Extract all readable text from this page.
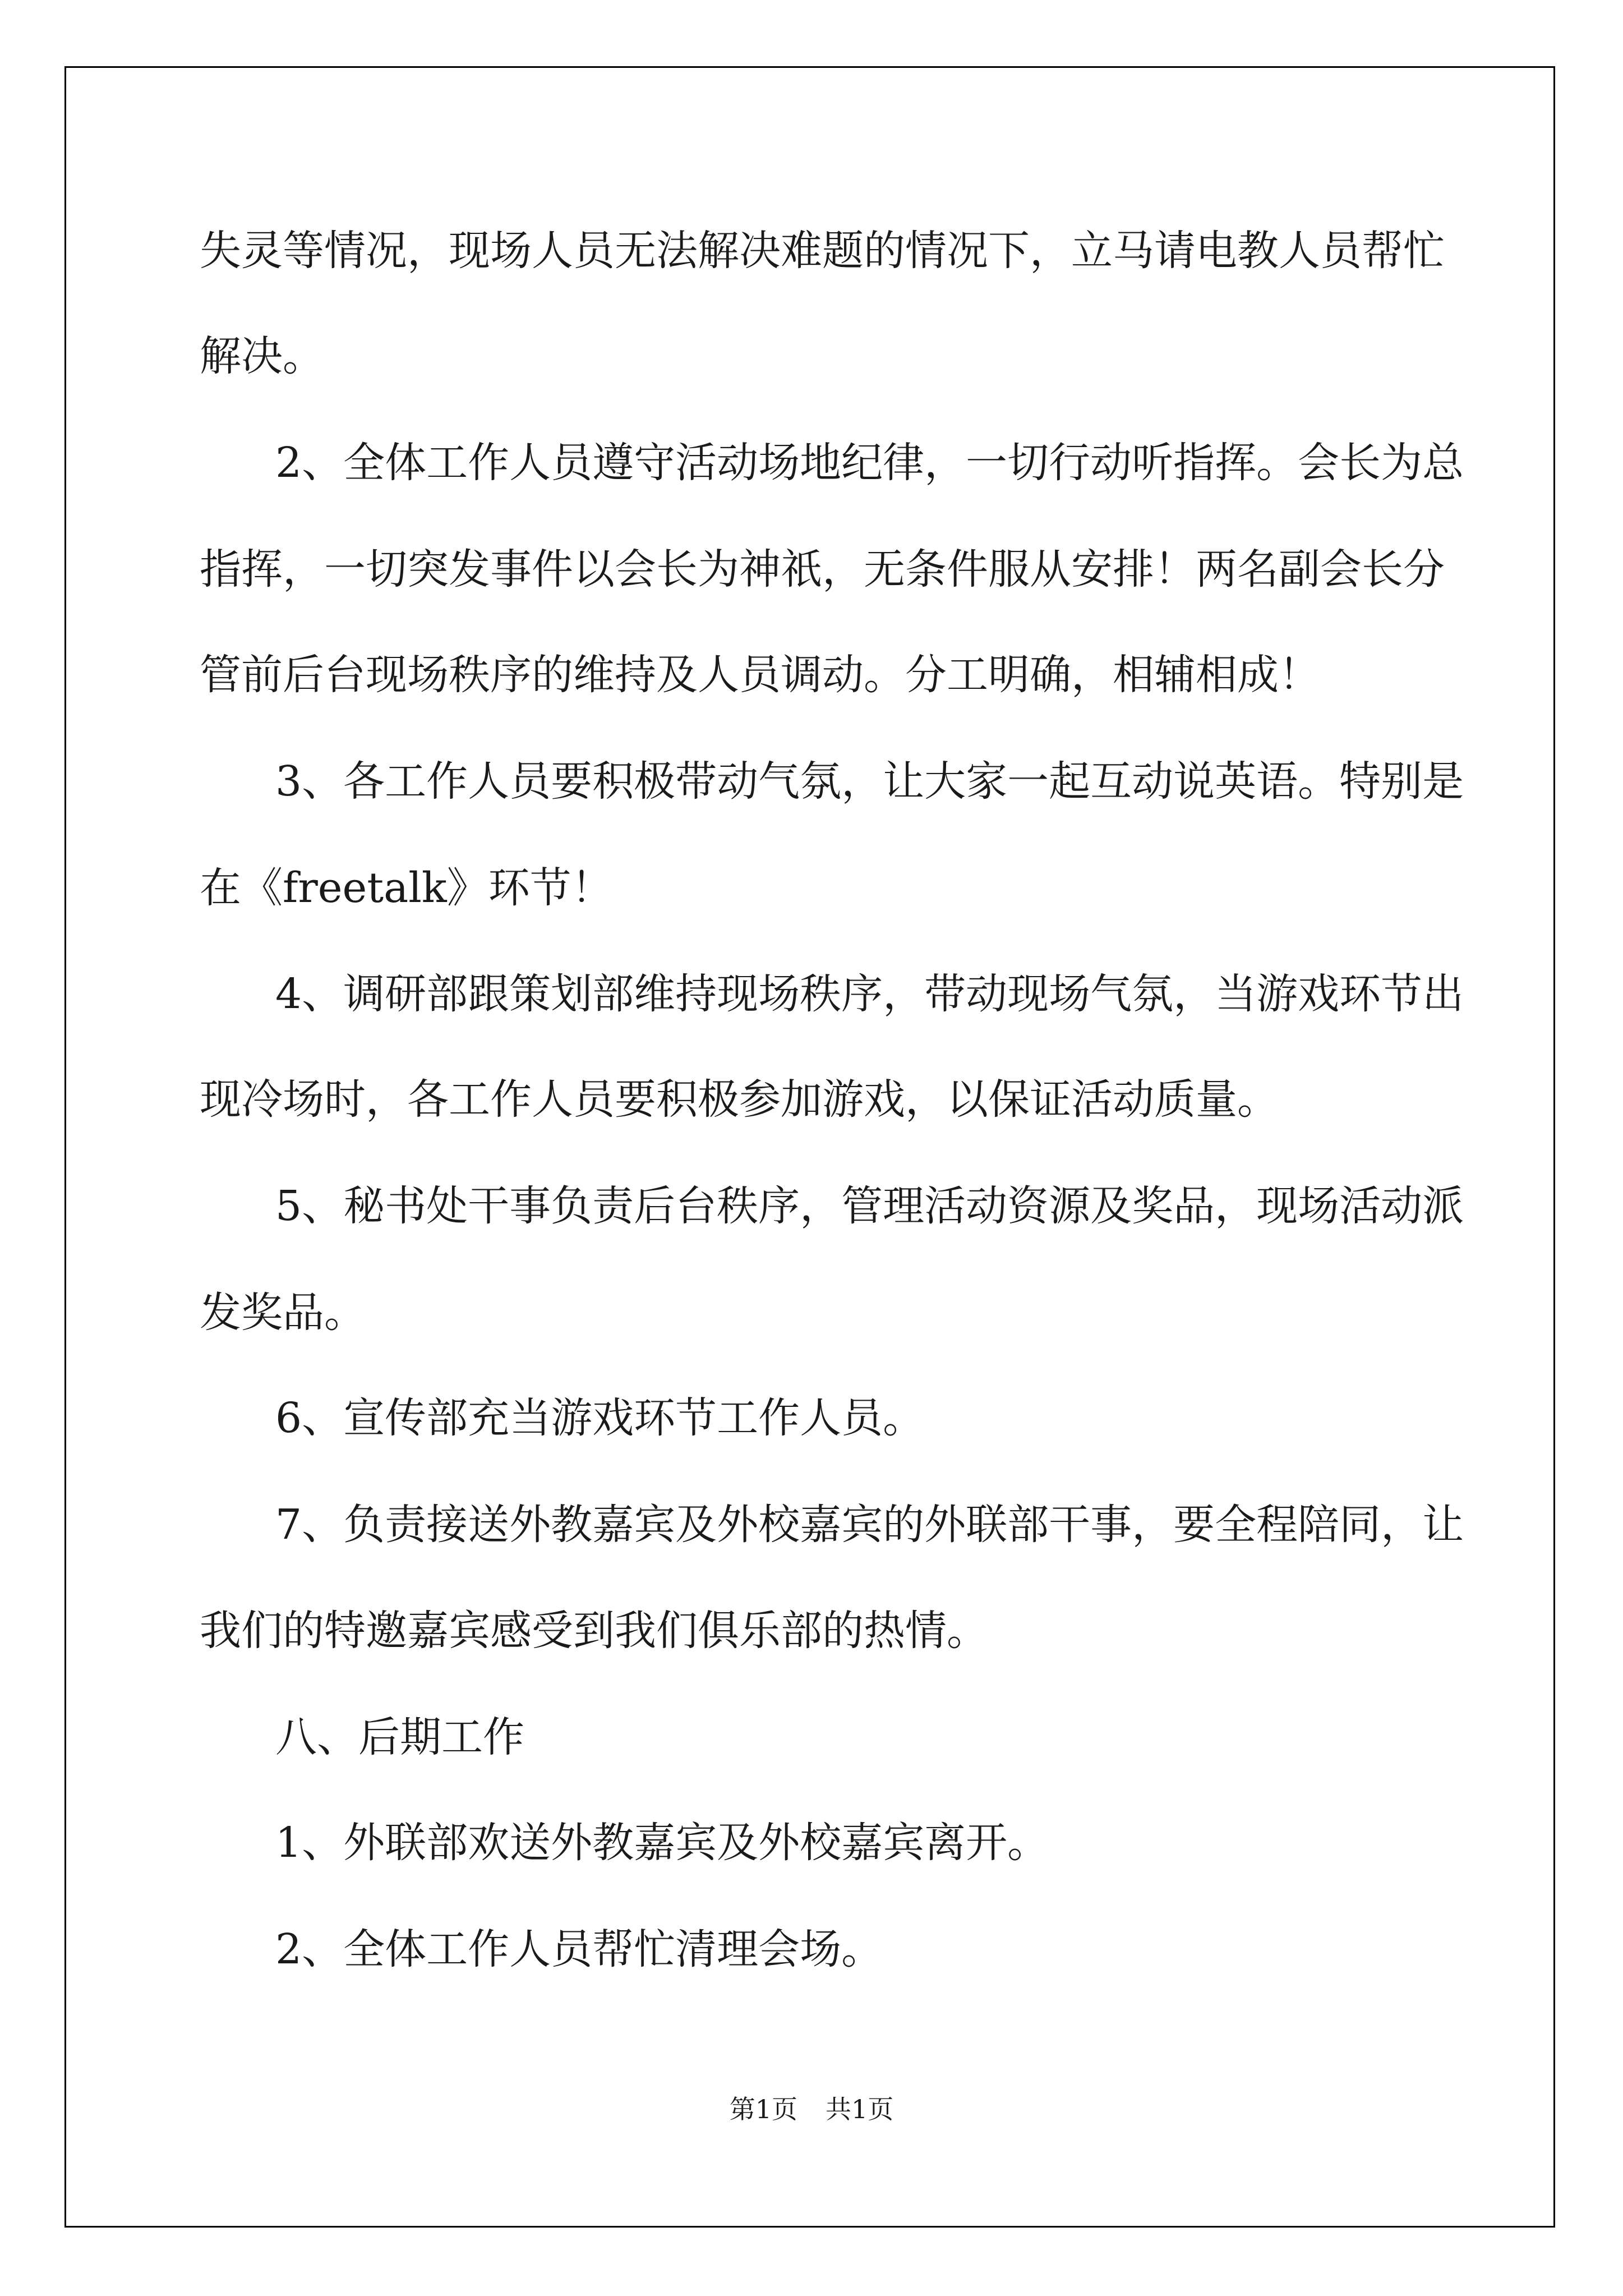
失灵等情况，现场人员无法解决难题的情况下，立马请电教人员帮忙
解决。
2、全体工作人员遵守活动场地纪律，一切行动听指挥。会长为总
指挥，一切突发事件以会长为神祇，无条件服从安排！两名副会长分
管前后台现场秩序的维持及人员调动。分工明确，相辅相成！
3、各工作人员要积极带动气氛，让大家一起互动说英语。特别是
在《freetalk》环节！
4、调研部跟策划部维持现场秩序，带动现场气氛，当游戏环节出
现冷场时，各工作人员要积极参加游戏，以保证活动质量。
5、秘书处干事负责后台秩序，管理活动资源及奖品，现场活动派
发奖品。
6、宣传部充当游戏环节工作人员。
7、负责接送外教嘉宾及外校嘉宾的外联部干事，要全程陪同，让
我们的特邀嘉宾感受到我们俱乐部的热情。
八、后期工作
1、外联部欢送外教嘉宾及外校嘉宾离开。
2、全体工作人员帮忙清理会场。
第1页 共1页
